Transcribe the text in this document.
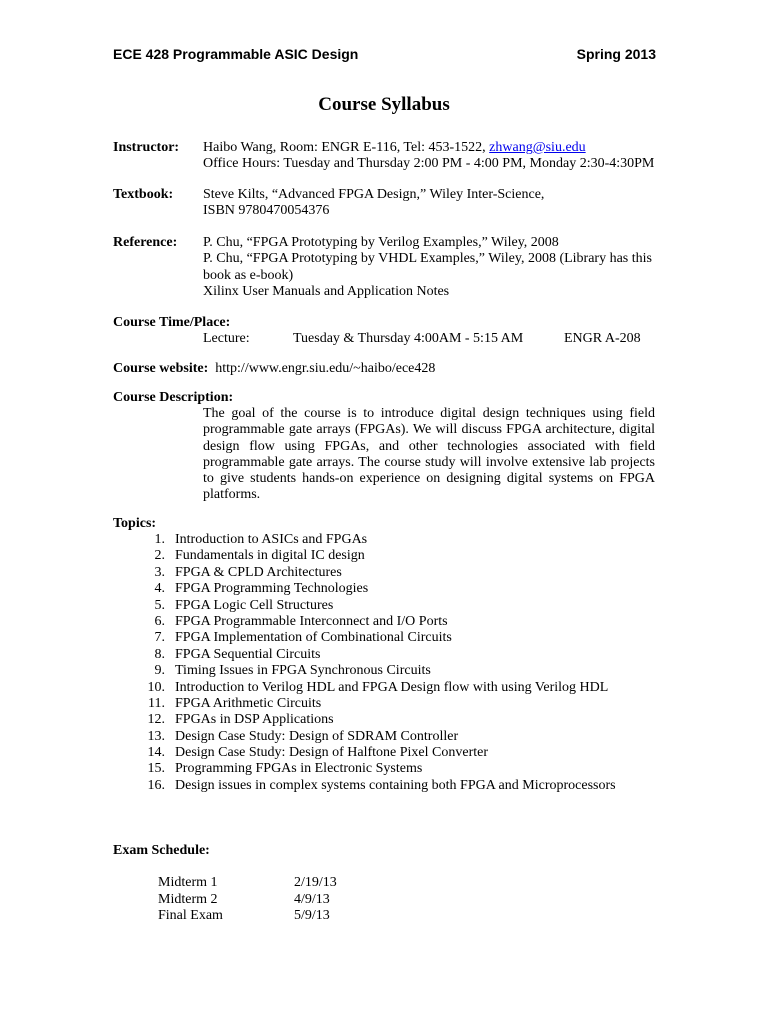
ECE 428 Programmable ASIC Design	Spring 2013
Course Syllabus
Instructor: Haibo Wang, Room: ENGR E-116, Tel: 453-1522, zhwang@siu.edu
Office Hours: Tuesday and Thursday 2:00 PM - 4:00 PM, Monday 2:30-4:30PM
Textbook: Steve Kilts, “Advanced FPGA Design,” Wiley Inter-Science,
ISBN 9780470054376
Reference: P. Chu, “FPGA Prototyping by Verilog Examples,” Wiley, 2008
P. Chu, “FPGA Prototyping by VHDL Examples,” Wiley, 2008 (Library has this
book as e-book)
Xilinx User Manuals and Application Notes
Course Time/Place:
Lecture:	Tuesday & Thursday 4:00AM - 5:15 AM	ENGR A-208
Course website: http://www.engr.siu.edu/~haibo/ece428
Course Description:
The goal of the course is to introduce digital design techniques using field programmable gate arrays (FPGAs). We will discuss FPGA architecture, digital design flow using FPGAs, and other technologies associated with field programmable gate arrays. The course study will involve extensive lab projects to give students hands-on experience on designing digital systems on FPGA platforms.
Topics:
1. Introduction to ASICs and FPGAs
2. Fundamentals in digital IC design
3. FPGA & CPLD Architectures
4. FPGA Programming Technologies
5. FPGA Logic Cell Structures
6. FPGA Programmable Interconnect and I/O Ports
7. FPGA Implementation of Combinational Circuits
8. FPGA Sequential Circuits
9. Timing Issues in FPGA Synchronous Circuits
10. Introduction to Verilog HDL and FPGA Design flow with using Verilog HDL
11. FPGA Arithmetic Circuits
12. FPGAs in DSP Applications
13. Design Case Study: Design of SDRAM Controller
14. Design Case Study: Design of Halftone Pixel Converter
15. Programming FPGAs in Electronic Systems
16. Design issues in complex systems containing both FPGA and Microprocessors
Exam Schedule:
Midterm 1	2/19/13
Midterm 2	4/9/13
Final Exam	5/9/13
